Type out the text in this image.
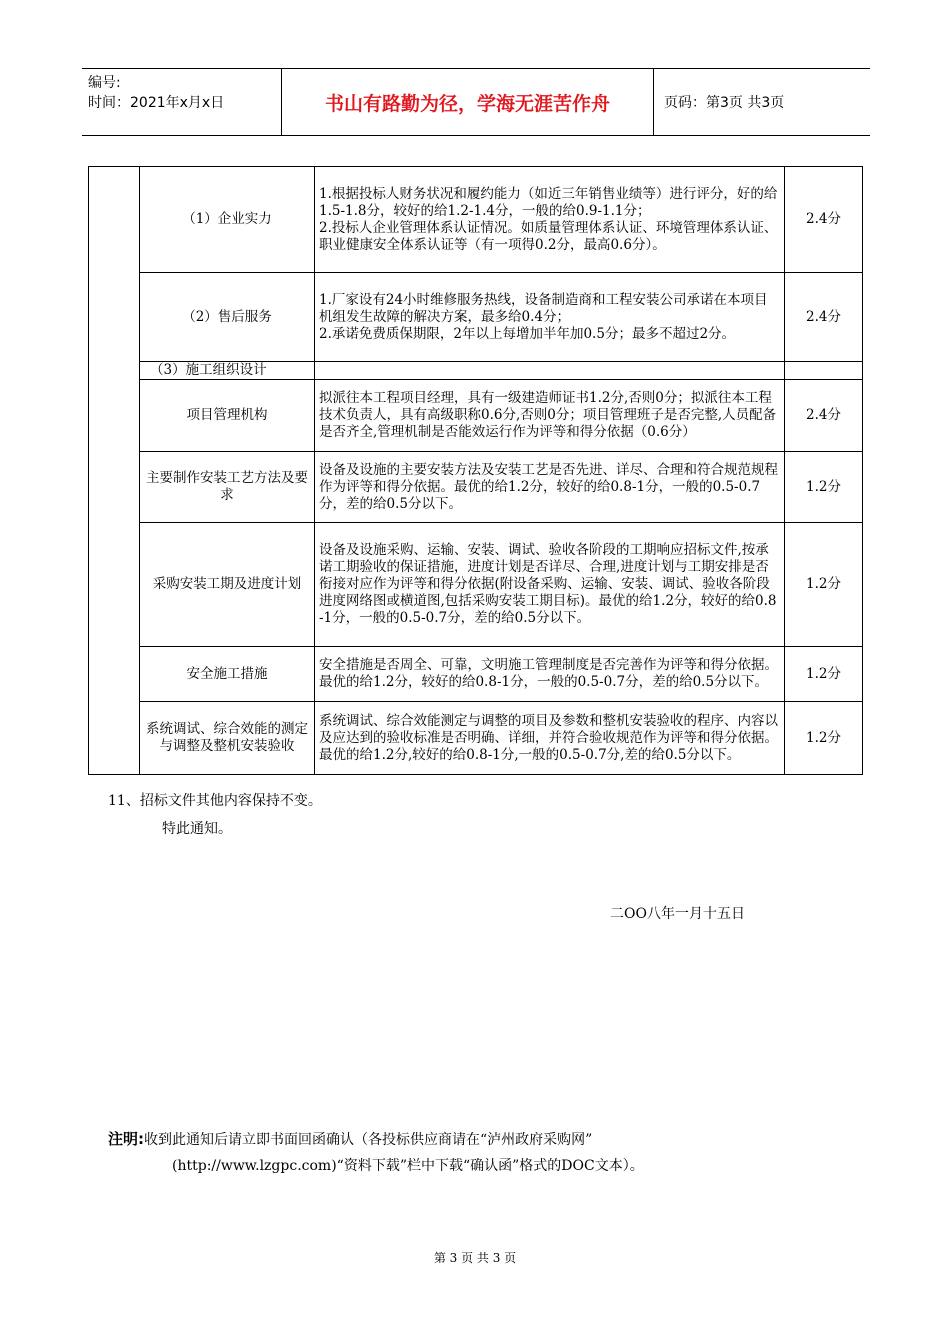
编号:
时间：2021年x月x日	书山有路勤为径，学海无涯苦作舟	页码：第3页 共3页
	（1）企业实力	1.根据投标人财务状况和履约能力（如近三年销售业绩等）进行评分，好的给1.5-1.8分，较好的给1.2-1.4分，一般的给0.9-1.1分；
2.投标人企业管理体系认证情况。如质量管理体系认证、环境管理体系认证、职业健康安全体系认证等（有一项得0.2分，最高0.6分）。	2.4分
	（2）售后服务	1.厂家设有24小时维修服务热线，设备制造商和工程安装公司承诺在本项目机组发生故障的解决方案，最多给0.4分；
2.承诺免费质保期限，2年以上每增加半年加0.5分；最多不超过2分。	2.4分
	（3）施工组织设计		
	项目管理机构	拟派往本工程项目经理，具有一级建造师证书1.2分,否则0分；拟派往本工程技术负责人，具有高级职称0.6分,否则0分；项目管理班子是否完整,人员配备是否齐全,管理机制是否能效运行作为评等和得分依据（0.6分）	2.4分
	主要制作安装工艺方法及要求	设备及设施的主要安装方法及安装工艺是否先进、详尽、合理和符合规范规程作为评等和得分依据。最优的给1.2分，较好的给0.8-1分，一般的0.5-0.7分，差的给0.5分以下。	1.2分
	采购安装工期及进度计划	设备及设施采购、运输、安装、调试、验收各阶段的工期响应招标文件,按承诺工期验收的保证措施，进度计划是否详尽、合理,进度计划与工期安排是否衔接对应作为评等和得分依据(附设备采购、运输、安装、调试、验收各阶段进度网络图或横道图,包括采购安装工期目标)。最优的给1.2分，较好的给0.8-1分，一般的0.5-0.7分，差的给0.5分以下。	1.2分
	安全施工措施	安全措施是否周全、可靠，文明施工管理制度是否完善作为评等和得分依据。最优的给1.2分，较好的给0.8-1分，一般的0.5-0.7分，差的给0.5分以下。	1.2分
	系统调试、综合效能的测定与调整及整机安装验收	系统调试、综合效能测定与调整的项目及参数和整机安装验收的程序、内容以及应达到的验收标准是否明确、详细，并符合验收规范作为评等和得分依据。最优的给1.2分,较好的给0.8-1分,一般的0.5-0.7分,差的给0.5分以下。	1.2分
11、招标文件其他内容保持不变。
特此通知。
二OO八年一月十五日
注明:收到此通知后请立即书面回函确认（各投标供应商请在“泸州政府采购网”
(http://www.lzgpc.com)“资料下载”栏中下载“确认函”格式的DOC文本）。
第 3 页 共 3 页
